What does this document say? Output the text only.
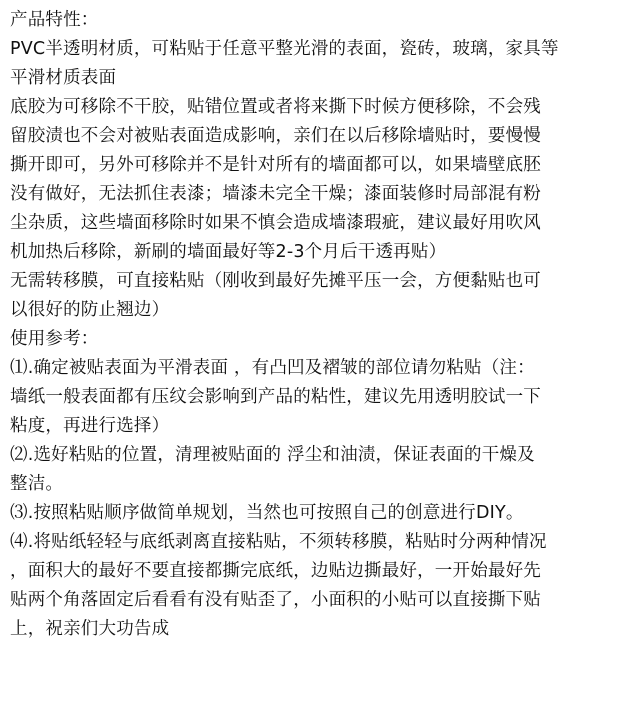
产品特性：
PVC半透明材质，可粘贴于任意平整光滑的表面，瓷砖，玻璃，家具等
平滑材质表面
底胶为可移除不干胶，贴错位置或者将来撕下时候方便移除，不会残
留胶渍也不会对被贴表面造成影响，亲们在以后移除墙贴时，要慢慢
撕开即可，另外可移除并不是针对所有的墙面都可以，如果墙壁底胚
没有做好，无法抓住表漆；墙漆未完全干燥；漆面装修时局部混有粉
尘杂质，这些墙面移除时如果不慎会造成墙漆瑕疵，建议最好用吹风
机加热后移除，新刷的墙面最好等2-3个月后干透再贴）
无需转移膜，可直接粘贴（刚收到最好先摊平压一会，方便黏贴也可
以很好的防止翘边）
使用参考：
⑴.确定被贴表面为平滑表面 ，有凸凹及褶皱的部位请勿粘贴（注：
墙纸一般表面都有压纹会影响到产品的粘性，建议先用透明胶试一下
粘度，再进行选择）
⑵.选好粘贴的位置，清理被贴面的 浮尘和油渍，保证表面的干燥及
整洁。
⑶.按照粘贴顺序做简单规划，当然也可按照自己的创意进行DIY。
⑷.将贴纸轻轻与底纸剥离直接粘贴，不须转移膜，粘贴时分两种情况
，面积大的最好不要直接都撕完底纸，边贴边撕最好，一开始最好先
贴两个角落固定后看看有没有贴歪了，小面积的小贴可以直接撕下贴
上，祝亲们大功告成
